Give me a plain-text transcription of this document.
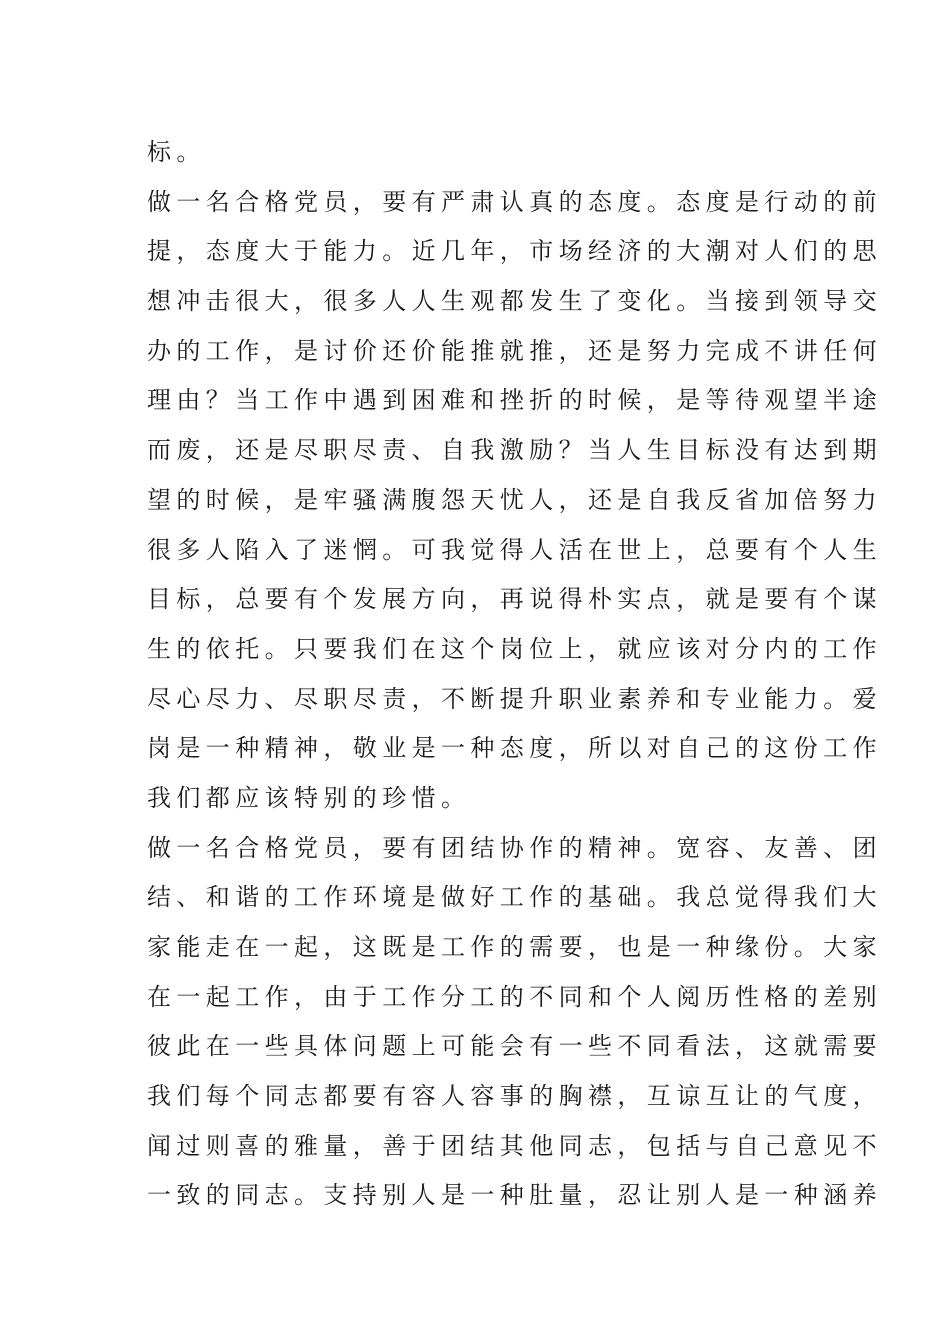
标。
做一名合格党员，要有严肃认真的态度。态度是行动的前
提，态度大于能力。近几年，市场经济的大潮对人们的思
想冲击很大，很多人人生观都发生了变化。当接到领导交
办的工作，是讨价还价能推就推，还是努力完成不讲任何
理由？当工作中遇到困难和挫折的时候，是等待观望半途
而废，还是尽职尽责、自我激励？当人生目标没有达到期
望的时候，是牢骚满腹怨天忧人，还是自我反省加倍努力
很多人陷入了迷惘。可我觉得人活在世上，总要有个人生
目标，总要有个发展方向，再说得朴实点，就是要有个谋
生的依托。只要我们在这个岗位上，就应该对分内的工作
尽心尽力、尽职尽责，不断提升职业素养和专业能力。爱
岗是一种精神，敬业是一种态度，所以对自己的这份工作
我们都应该特别的珍惜。
做一名合格党员，要有团结协作的精神。宽容、友善、团
结、和谐的工作环境是做好工作的基础。我总觉得我们大
家能走在一起，这既是工作的需要，也是一种缘份。大家
在一起工作，由于工作分工的不同和个人阅历性格的差别
彼此在一些具体问题上可能会有一些不同看法，这就需要
我们每个同志都要有容人容事的胸襟，互谅互让的气度，
闻过则喜的雅量，善于团结其他同志，包括与自己意见不
一致的同志。支持别人是一种肚量，忍让别人是一种涵养
